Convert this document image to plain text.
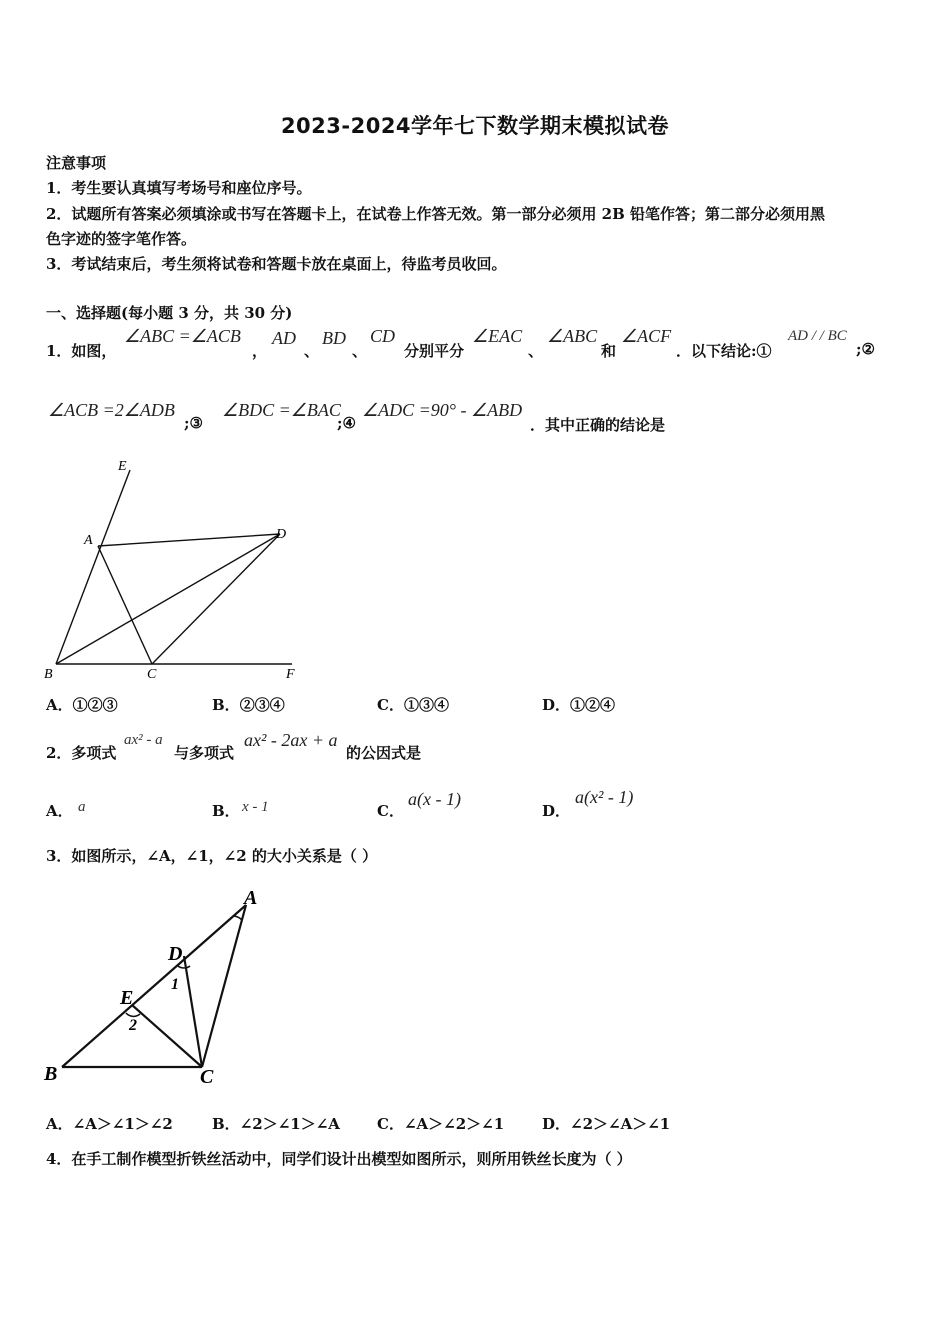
2023-2024学年七下数学期末模拟试卷
注意事项
1．考生要认真填写考场号和座位序号。
2．试题所有答案必须填涂或书写在答题卡上，在试卷上作答无效。第一部分必须用 2B 铅笔作答；第二部分必须用黑
色字迹的签字笔作答。
3．考试结束后，考生须将试卷和答题卡放在桌面上，待监考员收回。
一、选择题(每小题 3 分，共 30 分)
1．如图，
∠ABC =∠ACB
，
AD
、
BD
、
CD
分别平分
∠EAC
、
∠ABC
和
∠ACF
．以下结论:①
AD / / BC
;②
∠ACB =2∠ADB
;③
∠BDC =∠BAC
;④
∠ADC =90° - ∠ABD
．其中正确的结论是
E
A	D
B	C	F
A．①②③	B．②③④	C．①③④	D．①②④
2．多项式
ax² - a
与多项式
ax² - 2ax + a
的公因式是
A． a	B． x - 1	C．
a(x - 1)
D．
a(x² - 1)
3．如图所示，∠A，∠1，∠2 的大小关系是（ ）
A
D
E
B	C
1
2
A．∠A＞∠1＞∠2	B．∠2＞∠1＞∠A C．∠A＞∠2＞∠1	D．∠2＞∠A＞∠1
4．在手工制作模型折铁丝活动中，同学们设计出模型如图所示，则所用铁丝长度为（ ）
